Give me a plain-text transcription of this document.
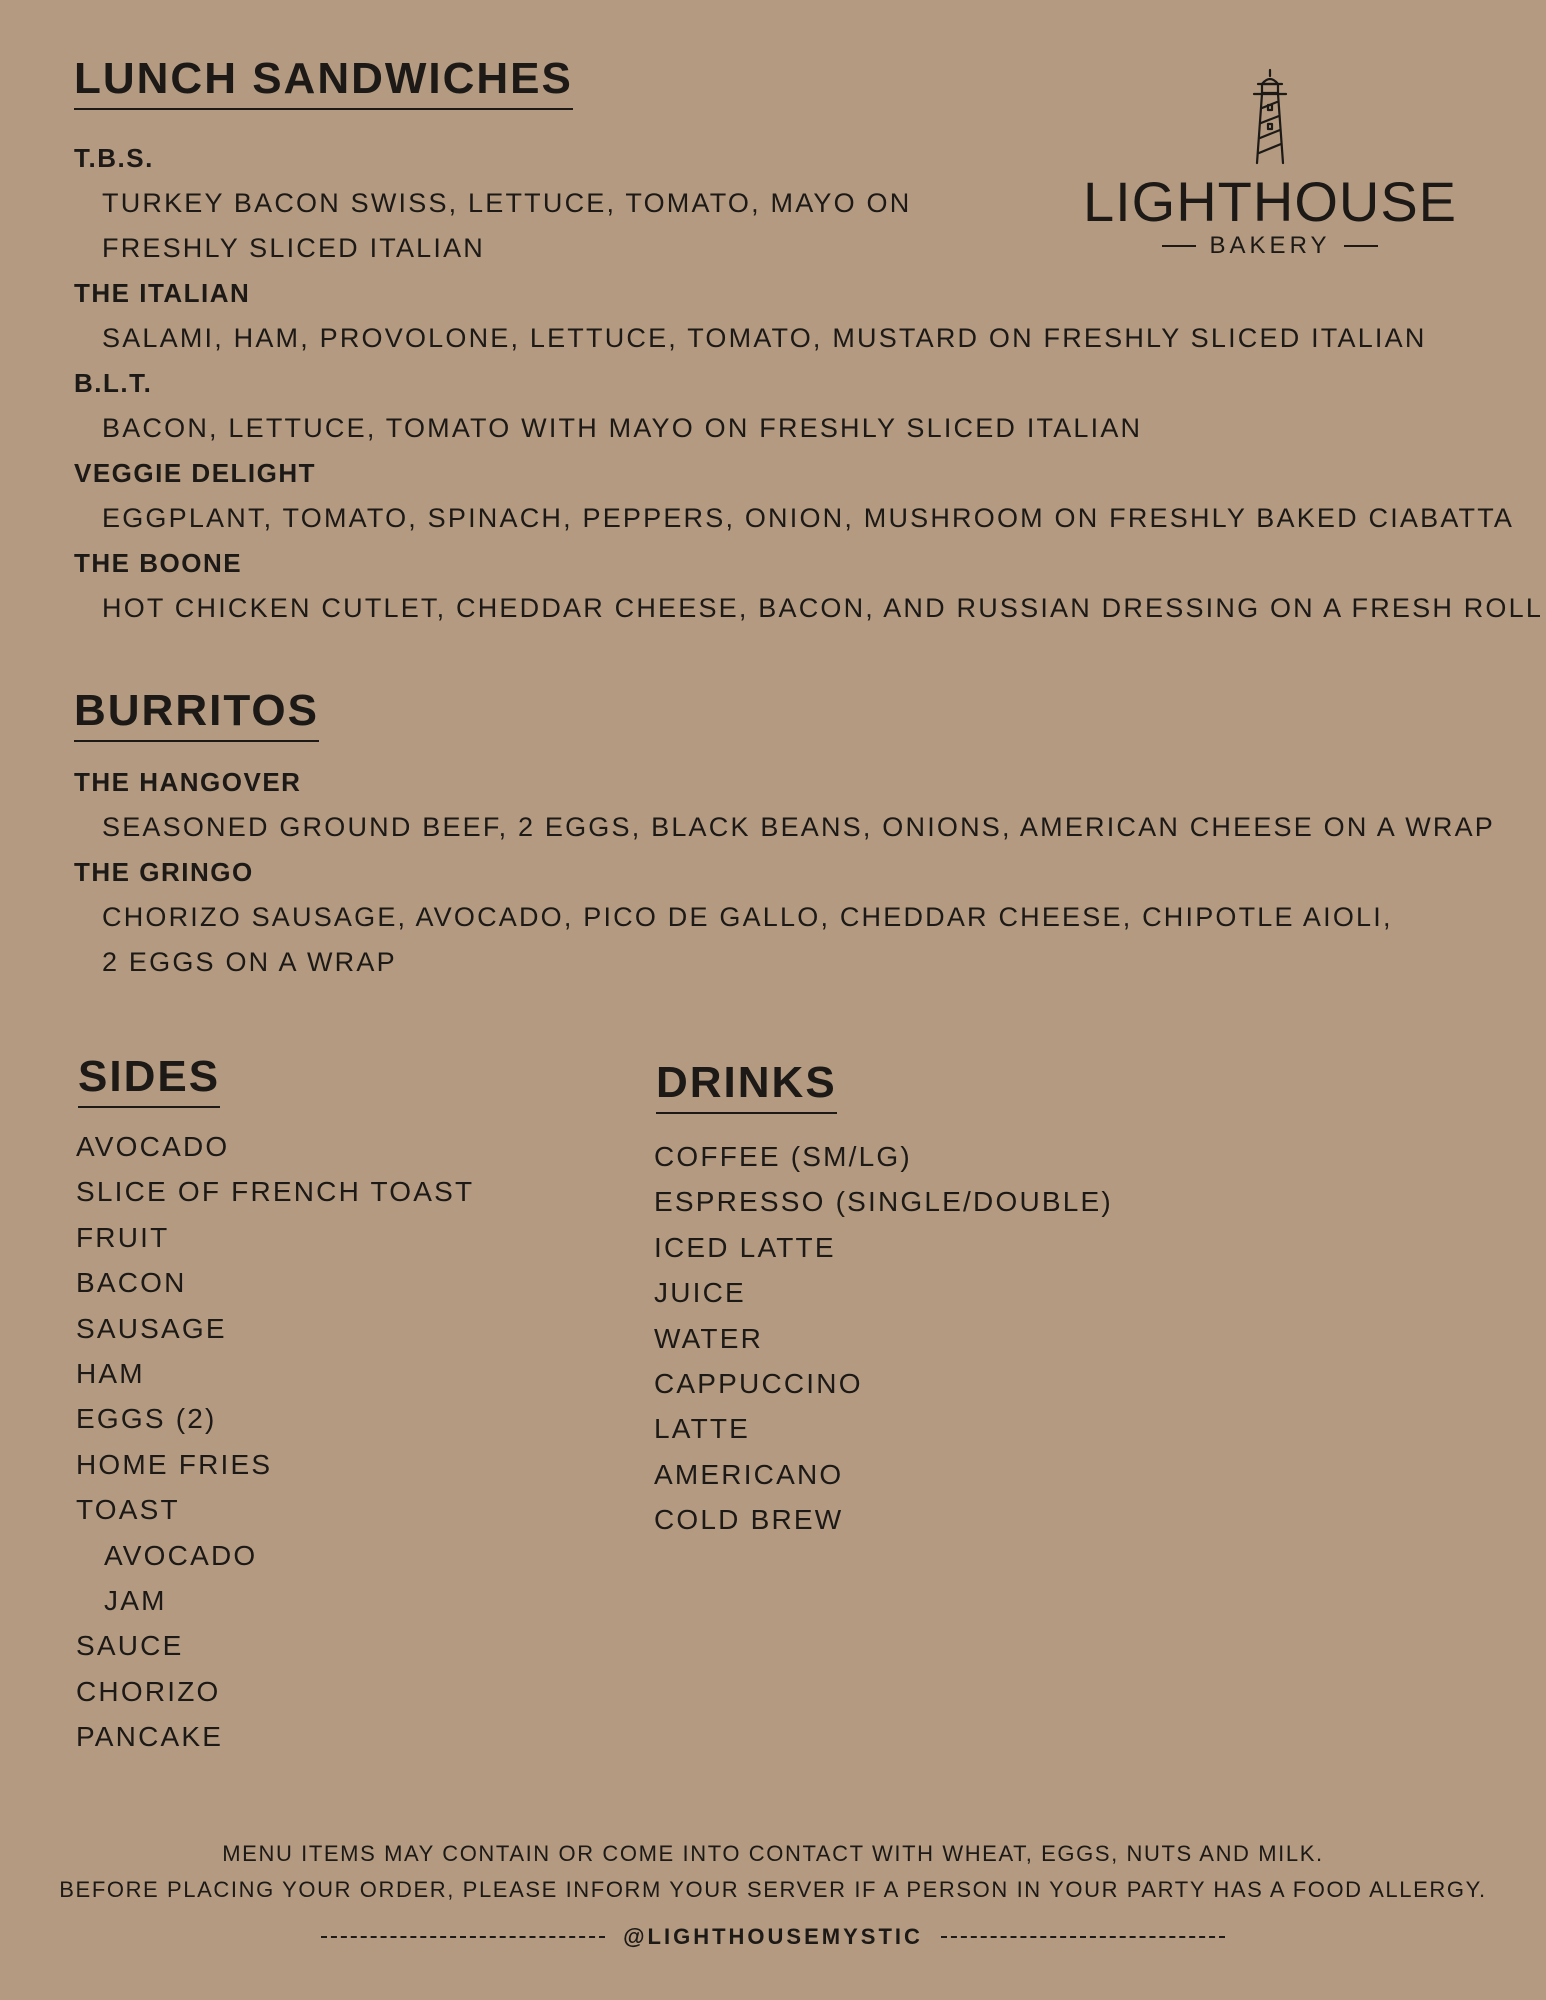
LUNCH SANDWICHES
T.B.S.
TURKEY BACON SWISS, LETTUCE, TOMATO, MAYO ON
FRESHLY SLICED ITALIAN
THE ITALIAN
SALAMI, HAM, PROVOLONE, LETTUCE, TOMATO, MUSTARD ON FRESHLY SLICED ITALIAN
B.L.T.
BACON, LETTUCE, TOMATO WITH MAYO ON FRESHLY SLICED ITALIAN
VEGGIE DELIGHT
EGGPLANT, TOMATO, SPINACH, PEPPERS, ONION, MUSHROOM ON FRESHLY BAKED CIABATTA
THE BOONE
HOT CHICKEN CUTLET, CHEDDAR CHEESE, BACON, AND RUSSIAN DRESSING ON A FRESH ROLL
LIGHTHOUSE
BAKERY
BURRITOS
THE HANGOVER
SEASONED GROUND BEEF, 2 EGGS, BLACK BEANS, ONIONS, AMERICAN CHEESE ON A WRAP
THE GRINGO
CHORIZO SAUSAGE, AVOCADO, PICO DE GALLO, CHEDDAR CHEESE, CHIPOTLE AIOLI,
2 EGGS ON A WRAP
SIDES
AVOCADO
SLICE OF FRENCH TOAST
FRUIT
BACON
SAUSAGE
HAM
EGGS (2)
HOME FRIES
TOAST
AVOCADO
JAM
SAUCE
CHORIZO
PANCAKE
DRINKS
COFFEE (SM/LG)
ESPRESSO (SINGLE/DOUBLE)
ICED LATTE
JUICE
WATER
CAPPUCCINO
LATTE
AMERICANO
COLD BREW
MENU ITEMS MAY CONTAIN OR COME INTO CONTACT WITH WHEAT, EGGS, NUTS AND MILK.
BEFORE PLACING YOUR ORDER, PLEASE INFORM YOUR SERVER IF A PERSON IN YOUR PARTY HAS A FOOD ALLERGY.
@LIGHTHOUSEMYSTIC
